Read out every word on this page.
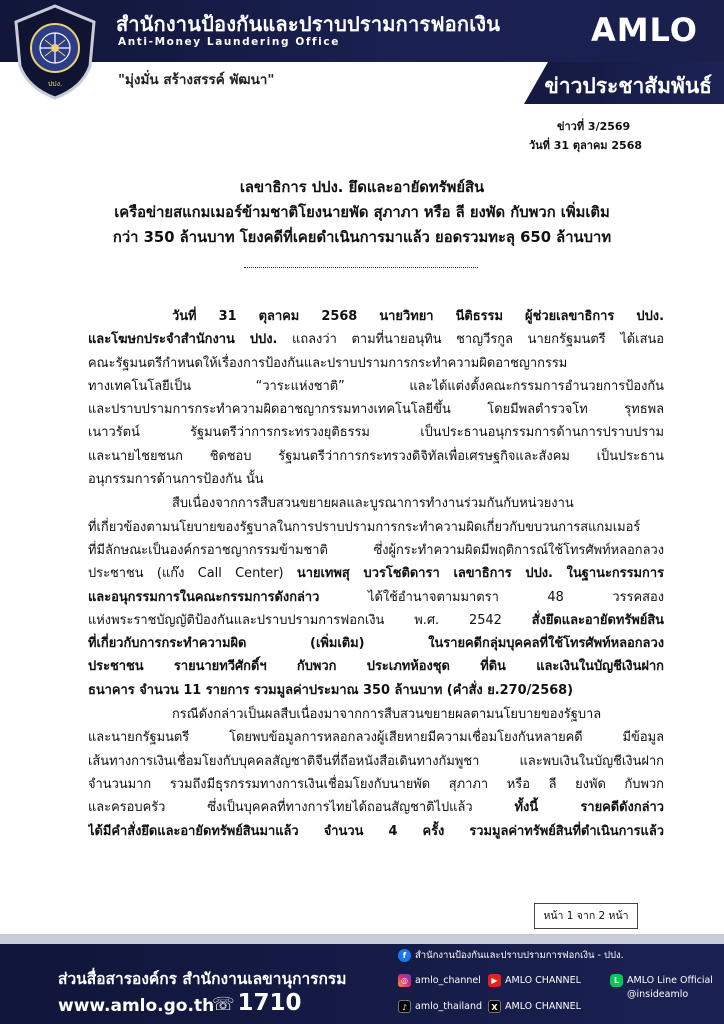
ปปง.
สำนักงานป้องกันและปราบปรามการฟอกเงิน
Anti-Money Laundering Office	AMLO
"มุ่งมั่น สร้างสรรค์ พัฒนา"	ข่าวประชาสัมพันธ์
ข่าวที่ 3/2569
วันที่ 31 ตุลาคม 2568
เลขาธิการ ปปง. ยึดและอายัดทรัพย์สิน
เครือข่ายสแกมเมอร์ข้ามชาติโยงนายพัด สุภาภา หรือ ลี ยงพัด กับพวก เพิ่มเติม
กว่า 350 ล้านบาท โยงคดีที่เคยดำเนินการมาแล้ว ยอดรวมทะลุ 650 ล้านบาท
วันที่ 31 ตุลาคม 2568 นายวิทยา นีติธรรม ผู้ช่วยเลขาธิการ ปปง.
และโฆษกประจำสำนักงาน ปปง. แถลงว่า ตามที่นายอนุทิน ชาญวีรกูล นายกรัฐมนตรี ได้เสนอ
คณะรัฐมนตรีกำหนดให้เรื่องการป้องกันและปราบปรามการกระทำความผิดอาชญากรรม
ทางเทคโนโลยีเป็น “วาระแห่งชาติ” และได้แต่งตั้งคณะกรรมการอำนวยการป้องกัน
และปราบปรามการกระทำความผิดอาชญากรรมทางเทคโนโลยีขึ้น โดยมีพลตำรวจโท รุทธพล
เนาวรัตน์ รัฐมนตรีว่าการกระทรวงยุติธรรม เป็นประธานอนุกรรมการด้านการปราบปราม
และนายไชยชนก ชิดชอบ รัฐมนตรีว่าการกระทรวงดิจิทัลเพื่อเศรษฐกิจและสังคม เป็นประธาน
อนุกรรมการด้านการป้องกัน นั้น
สืบเนื่องจากการสืบสวนขยายผลและบูรณาการทำงานร่วมกันกับหน่วยงาน
ที่เกี่ยวข้องตามนโยบายของรัฐบาลในการปราบปรามการกระทำความผิดเกี่ยวกับขบวนการสแกมเมอร์
ที่มีลักษณะเป็นองค์กรอาชญากรรมข้ามชาติ ซึ่งผู้กระทำความผิดมีพฤติการณ์ใช้โทรศัพท์หลอกลวง
ประชาชน (แก๊ง Call Center) นายเทพสุ บวรโชติดารา เลขาธิการ ปปง. ในฐานะกรรมการ
และอนุกรรมการในคณะกรรมการดังกล่าว ได้ใช้อำนาจตามมาตรา 48 วรรคสอง
แห่งพระราชบัญญัติป้องกันและปราบปรามการฟอกเงิน พ.ศ. 2542 สั่งยึดและอายัดทรัพย์สิน
ที่เกี่ยวกับการกระทำความผิด (เพิ่มเติม) ในรายคดีกลุ่มบุคคลที่ใช้โทรศัพท์หลอกลวง
ประชาชน รายนายทวีศักดิ์ฯ กับพวก ประเภทห้องชุด ที่ดิน และเงินในบัญชีเงินฝาก
ธนาคาร จำนวน 11 รายการ รวมมูลค่าประมาณ 350 ล้านบาท (คำสั่ง ย.270/2568)
กรณีดังกล่าวเป็นผลสืบเนื่องมาจากการสืบสวนขยายผลตามนโยบายของรัฐบาล
และนายกรัฐมนตรี โดยพบข้อมูลการหลอกลวงผู้เสียหายมีความเชื่อมโยงกันหลายคดี มีข้อมูล
เส้นทางการเงินเชื่อมโยงกับบุคคลสัญชาติจีนที่ถือหนังสือเดินทางกัมพูชา และพบเงินในบัญชีเงินฝาก
จำนวนมาก รวมถึงมีธุรกรรมทางการเงินเชื่อมโยงกับนายพัด สุภาภา หรือ ลี ยงพัด กับพวก
และครอบครัว ซึ่งเป็นบุคคลที่ทางการไทยได้ถอนสัญชาติไปแล้ว ทั้งนี้ รายคดีดังกล่าว
ได้มีคำสั่งยึดและอายัดทรัพย์สินมาแล้ว จำนวน 4 ครั้ง รวมมูลค่าทรัพย์สินที่ดำเนินการแล้ว
หน้า 1 จาก 2 หน้า
ส่วนสื่อสารองค์กร สำนักงานเลขานุการกรม
www.amlo.go.th
☏ 1710
f สำนักงานป้องกันและปราบปรามการฟอกเงิน - ปปง.
◎ amlo_channel	▶ AMLO CHANNEL	L AMLO Line Official
@insideamlo
♪ amlo_thailand	X AMLO CHANNEL
